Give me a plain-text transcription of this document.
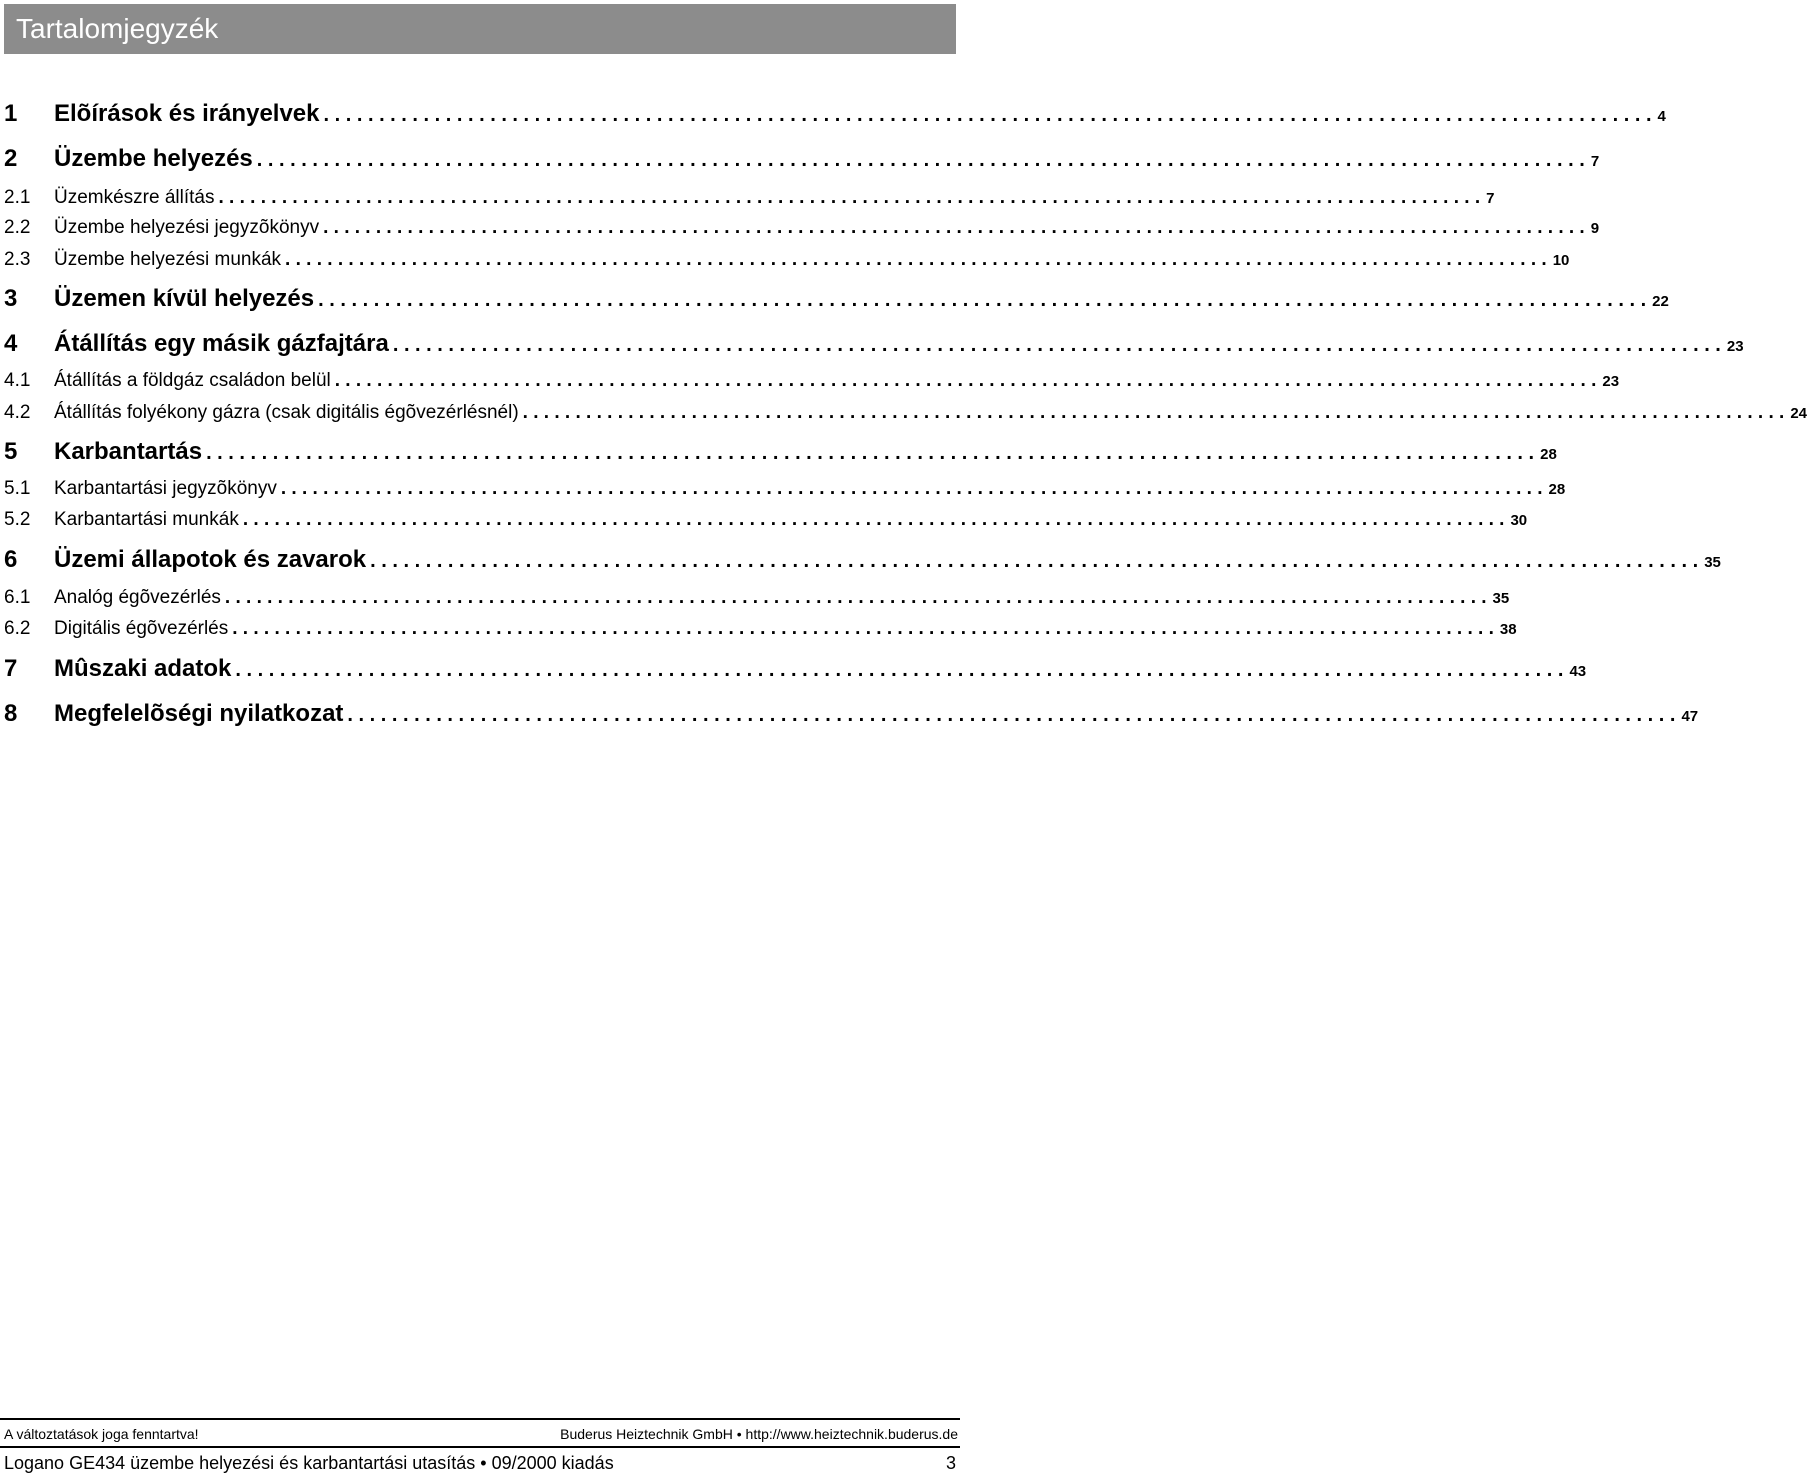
Tartalomjegyzék
1	Elõírások és irányelvek . . . . . . . . . . . . . . . . . . . . . . . . . . . . . . . . . . . . . . . . . . . . . . . . . . . . . . . . . . . . . . . . . . . . . . . . . . . . . . . . . . . . . . . . . . . . . . . . . . . . . . . . . . . . . . . . . . . . . . . . 4
2	Üzembe helyezés . . . . . . . . . . . . . . . . . . . . . . . . . . . . . . . . . . . . . . . . . . . . . . . . . . . . . . . . . . . . . . . . . . . . . . . . . . . . . . . . . . . . . . . . . . . . . . . . . . . . . . . . . . . . . . . . . . . . . . . . 7
2.1	Üzemkészre állítás . . . . . . . . . . . . . . . . . . . . . . . . . . . . . . . . . . . . . . . . . . . . . . . . . . . . . . . . . . . . . . . . . . . . . . . . . . . . . . . . . . . . . . . . . . . . . . . . . . . . . . . . . . . . . . . . . . . . . . . . 7
2.2	Üzembe helyezési jegyzõkönyv . . . . . . . . . . . . . . . . . . . . . . . . . . . . . . . . . . . . . . . . . . . . . . . . . . . . . . . . . . . . . . . . . . . . . . . . . . . . . . . . . . . . . . . . . . . . . . . . . . . . . . . . . . . . . . . . . . . . . . . . 9
2.3	Üzembe helyezési munkák . . . . . . . . . . . . . . . . . . . . . . . . . . . . . . . . . . . . . . . . . . . . . . . . . . . . . . . . . . . . . . . . . . . . . . . . . . . . . . . . . . . . . . . . . . . . . . . . . . . . . . . . . . . . . . . . . . . . . . . . 10
3	Üzemen kívül helyezés . . . . . . . . . . . . . . . . . . . . . . . . . . . . . . . . . . . . . . . . . . . . . . . . . . . . . . . . . . . . . . . . . . . . . . . . . . . . . . . . . . . . . . . . . . . . . . . . . . . . . . . . . . . . . . . . . . . . . . . . 22
4	Átállítás egy másik gázfajtára . . . . . . . . . . . . . . . . . . . . . . . . . . . . . . . . . . . . . . . . . . . . . . . . . . . . . . . . . . . . . . . . . . . . . . . . . . . . . . . . . . . . . . . . . . . . . . . . . . . . . . . . . . . . . . . . . . . . . . . . 23
4.1	Átállítás a földgáz családon belül . . . . . . . . . . . . . . . . . . . . . . . . . . . . . . . . . . . . . . . . . . . . . . . . . . . . . . . . . . . . . . . . . . . . . . . . . . . . . . . . . . . . . . . . . . . . . . . . . . . . . . . . . . . . . . . . . . . . . . . . 23
4.2	Átállítás folyékony gázra (csak digitális égõvezérlésnél) . . . . . . . . . . . . . . . . . . . . . . . . . . . . . . . . . . . . . . . . . . . . . . . . . . . . . . . . . . . . . . . . . . . . . . . . . . . . . . . . . . . . . . . . . . . . . . . . . . . . . . . . . . . . . . . . . . . . . . . . 24
5	Karbantartás . . . . . . . . . . . . . . . . . . . . . . . . . . . . . . . . . . . . . . . . . . . . . . . . . . . . . . . . . . . . . . . . . . . . . . . . . . . . . . . . . . . . . . . . . . . . . . . . . . . . . . . . . . . . . . . . . . . . . . . . 28
5.1	Karbantartási jegyzõkönyv . . . . . . . . . . . . . . . . . . . . . . . . . . . . . . . . . . . . . . . . . . . . . . . . . . . . . . . . . . . . . . . . . . . . . . . . . . . . . . . . . . . . . . . . . . . . . . . . . . . . . . . . . . . . . . . . . . . . . . . . 28
5.2	Karbantartási munkák . . . . . . . . . . . . . . . . . . . . . . . . . . . . . . . . . . . . . . . . . . . . . . . . . . . . . . . . . . . . . . . . . . . . . . . . . . . . . . . . . . . . . . . . . . . . . . . . . . . . . . . . . . . . . . . . . . . . . . . . 30
6	Üzemi állapotok és zavarok . . . . . . . . . . . . . . . . . . . . . . . . . . . . . . . . . . . . . . . . . . . . . . . . . . . . . . . . . . . . . . . . . . . . . . . . . . . . . . . . . . . . . . . . . . . . . . . . . . . . . . . . . . . . . . . . . . . . . . . . 35
6.1	Analóg égõvezérlés . . . . . . . . . . . . . . . . . . . . . . . . . . . . . . . . . . . . . . . . . . . . . . . . . . . . . . . . . . . . . . . . . . . . . . . . . . . . . . . . . . . . . . . . . . . . . . . . . . . . . . . . . . . . . . . . . . . . . . . . 35
6.2	Digitális égõvezérlés . . . . . . . . . . . . . . . . . . . . . . . . . . . . . . . . . . . . . . . . . . . . . . . . . . . . . . . . . . . . . . . . . . . . . . . . . . . . . . . . . . . . . . . . . . . . . . . . . . . . . . . . . . . . . . . . . . . . . . . . 38
7	Mûszaki adatok . . . . . . . . . . . . . . . . . . . . . . . . . . . . . . . . . . . . . . . . . . . . . . . . . . . . . . . . . . . . . . . . . . . . . . . . . . . . . . . . . . . . . . . . . . . . . . . . . . . . . . . . . . . . . . . . . . . . . . . . 43
8	Megfelelõségi nyilatkozat . . . . . . . . . . . . . . . . . . . . . . . . . . . . . . . . . . . . . . . . . . . . . . . . . . . . . . . . . . . . . . . . . . . . . . . . . . . . . . . . . . . . . . . . . . . . . . . . . . . . . . . . . . . . . . . . . . . . . . . . 47
A változtatások joga fenntartva!	Buderus Heiztechnik GmbH • http://www.heiztechnik.buderus.de
Logano GE434 üzembe helyezési és karbantartási utasítás • 09/2000 kiadás	3
